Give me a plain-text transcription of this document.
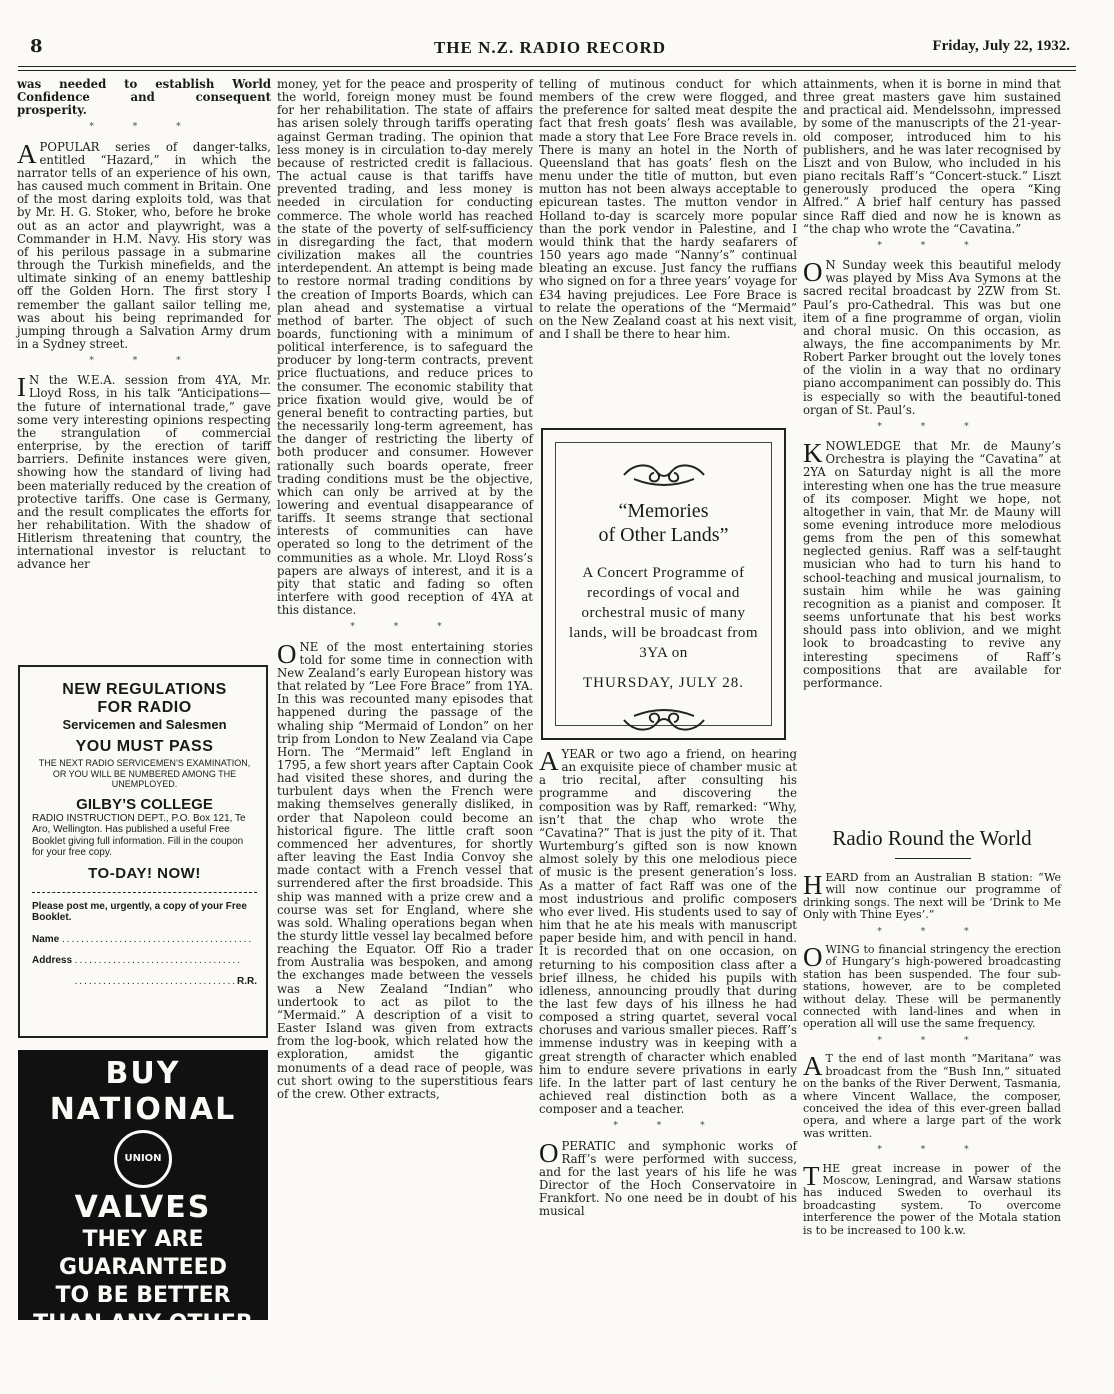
8	THE N.Z. RADIO RECORD	Friday, July 22, 1932.

was needed to establish World Confidence and consequent prosperity.

* * *

APOPULAR series of danger-talks, entitled “Hazard,” in which the narrator tells of an experience of his own, has caused much comment in Britain. One of the most daring exploits told, was that by Mr. H. G. Stoker, who, before he broke out as an actor and playwright, was a Commander in H.M. Navy. His story was of his perilous passage in a submarine through the Turkish minefields, and the ultimate sinking of an enemy battleship off the Golden Horn. The first story I remember the gallant sailor telling me, was about his being reprimanded for jumping through a Salvation Army drum in a Sydney street.

* * *

I N the W.E.A. session from 4YA, Mr. Lloyd Ross, in his talk “Anticipations—the future of international trade,” gave some very interesting opinions respecting the strangulation of commercial enterprise, by the erection of tariff barriers. Definite instances were given, showing how the standard of living had been materially reduced by the creation of protective tariffs. One case is Germany, and the result complicates the efforts for her rehabilitation. With the shadow of Hitlerism threatening that country, the international investor is reluctant to advance her

NEW REGULATIONS
FOR RADIO
Servicemen and Salesmen
YOU MUST PASS
THE NEXT RADIO SERVICEMEN’S EXAMINATION, OR YOU WILL BE NUMBERED AMONG THE UNEMPLOYED.
GILBY’S COLLEGE
RADIO INSTRUCTION DEPT., P.O. Box 121, Te Aro, Wellington. Has published a useful Free Booklet giving full information. Fill in the coupon for your free copy.
TO-DAY! NOW!
Please post me, urgently, a copy of your Free Booklet.
Name ........................................
Address ...................................
..................................R.R.
BUY
NATIONAL
UNION
VALVES
THEY ARE
GUARANTEED
TO BE BETTER
THAN ANY OTHER
RADIO VALVE
ON THE MARKET

money, yet for the peace and prosperity of the world, foreign money must be found for her rehabilitation. The state of affairs has arisen solely through tariffs operating against German trading. The opinion that less money is in circulation to-day merely because of restricted credit is fallacious. The actual cause is that tariffs have prevented trading, and less money is needed in circulation for conducting commerce. The whole world has reached the state of the poverty of self-sufficiency in disregarding the fact, that modern civilization makes all the countries interdependent. An attempt is being made to restore normal trading conditions by the creation of Imports Boards, which can plan ahead and systematise a virtual method of barter. The object of such boards, functioning with a minimum of political interference, is to safeguard the producer by long-term contracts, prevent price fluctuations, and reduce prices to the consumer. The economic stability that price fixation would give, would be of general benefit to contracting parties, but the necessarily long-term agreement, has the danger of restricting the liberty of both producer and consumer. However rationally such boards operate, freer trading conditions must be the objective, which can only be arrived at by the lowering and eventual disappearance of tariffs. It seems strange that sectional interests of communities can have operated so long to the detriment of the communities as a whole. Mr. Lloyd Ross’s papers are always of interest, and it is a pity that static and fading so often interfere with good reception of 4YA at this distance.

* * *

ONE of the most entertaining stories told for some time in connection with New Zealand’s early European history was that related by “Lee Fore Brace” from 1YA. In this was recounted many episodes that happened during the passage of the whaling ship “Mermaid of London” on her trip from London to New Zealand via Cape Horn. The “Mermaid” left England in 1795, a few short years after Captain Cook had visited these shores, and during the turbulent days when the French were making themselves generally disliked, in order that Napoleon could become an historical figure. The little craft soon commenced her adventures, for shortly after leaving the East India Convoy she made contact with a French vessel that surrendered after the first broadside. This ship was manned with a prize crew and a course was set for England, where she was sold. Whaling operations began when the sturdy little vessel lay becalmed before reaching the Equator. Off Rio a trader from Australia was bespoken, and among the exchanges made between the vessels was a New Zealand “Indian” who undertook to act as pilot to the “Mermaid.” A description of a visit to Easter Island was given from extracts from the log-book, which related how the exploration, amidst the gigantic monuments of a dead race of people, was cut short owing to the superstitious fears of the crew. Other extracts,

telling of mutinous conduct for which members of the crew were flogged, and the preference for salted meat despite the fact that fresh goats’ flesh was available, made a story that Lee Fore Brace revels in. There is many an hotel in the North of Queensland that has goats’ flesh on the menu under the title of mutton, but even mutton has not been always acceptable to epicurean tastes. The mutton vendor in Holland to-day is scarcely more popular than the pork vendor in Palestine, and I would think that the hardy seafarers of 150 years ago made “Nanny’s” continual bleating an excuse. Just fancy the ruffians who signed on for a three years’ voyage for £34 having prejudices. Lee Fore Brace is to relate the operations of the “Mermaid” on the New Zealand coast at his next visit, and I shall be there to hear him.

“Memories
of Other Lands”
A Concert Programme of recordings of vocal and orchestral music of many lands, will be broadcast from 3YA on
THURSDAY, JULY 28.

AYEAR or two ago a friend, on hearing an exquisite piece of chamber music at a trio recital, after consulting his programme and discovering the composition was by Raff, remarked: “Why, isn’t that the chap who wrote the “Cavatina?” That is just the pity of it. That Wurtemburg’s gifted son is now known almost solely by this one melodious piece of music is the present generation’s loss. As a matter of fact Raff was one of the most industrious and prolific composers who ever lived. His students used to say of him that he ate his meals with manuscript paper beside him, and with pencil in hand. It is recorded that on one occasion, on returning to his composition class after a brief illness, he chided his pupils with idleness, announcing proudly that during the last few days of his illness he had composed a string quartet, several vocal choruses and various smaller pieces. Raff’s immense industry was in keeping with a great strength of character which enabled him to endure severe privations in early life. In the latter part of last century he achieved real distinction both as a composer and a teacher.

* * *

OPERATIC and symphonic works of Raff’s were performed with success, and for the last years of his life he was Director of the Hoch Conservatoire in Frankfort. No one need be in doubt of his musical

attainments, when it is borne in mind that three great masters gave him sustained and practical aid. Mendelssohn, impressed by some of the manuscripts of the 21-year-old composer, introduced him to his publishers, and he was later recognised by Liszt and von Bulow, who included in his piano recitals Raff’s “Concert-stuck.” Liszt generously produced the opera “King Alfred.” A brief half century has passed since Raff died and now he is known as “the chap who wrote the “Cavatina.”

* * *

O N Sunday week this beautiful melody was played by Miss Ava Symons at the sacred recital broadcast by 2ZW from St. Paul’s pro-Cathedral. This was but one item of a fine programme of organ, violin and choral music. On this occasion, as always, the fine accompaniments by Mr. Robert Parker brought out the lovely tones of the violin in a way that no ordinary piano accompaniment can possibly do. This is especially so with the beautiful-toned organ of St. Paul’s.

* * *

KNOWLEDGE that Mr. de Mauny’s Orchestra is playing the “Cavatina” at 2YA on Saturday night is all the more interesting when one has the true measure of its composer. Might we hope, not altogether in vain, that Mr. de Mauny will some evening introduce more melodious gems from the pen of this somewhat neglected genius. Raff was a self-taught musician who had to turn his hand to school-teaching and musical journalism, to sustain him while he was gaining recognition as a pianist and composer. It seems unfortunate that his best works should pass into oblivion, and we might look to broadcasting to revive any interesting specimens of Raff’s compositions that are available for performance.

Radio Round the World

HEARD from an Australian B station: “We will now continue our programme of drinking songs. The next will be ‘Drink to Me Only with Thine Eyes’.”

* * *

OWING to financial stringency the erection of Hungary’s high-powered broadcasting station has been suspended. The four sub-stations, however, are to be completed without delay. These will be permanently connected with land-lines and when in operation all will use the same frequency.

* * *

A T the end of last month “Maritana” was broadcast from the “Bush Inn,” situated on the banks of the River Derwent, Tasmania, where Vincent Wallace, the composer, conceived the idea of this ever-green ballad opera, and where a large part of the work was written.

* * *

THE great increase in power of the Moscow, Leningrad, and Warsaw stations has induced Sweden to overhaul its broadcasting system. To overcome interference the power of the Motala station is to be increased to 100 k.w.
